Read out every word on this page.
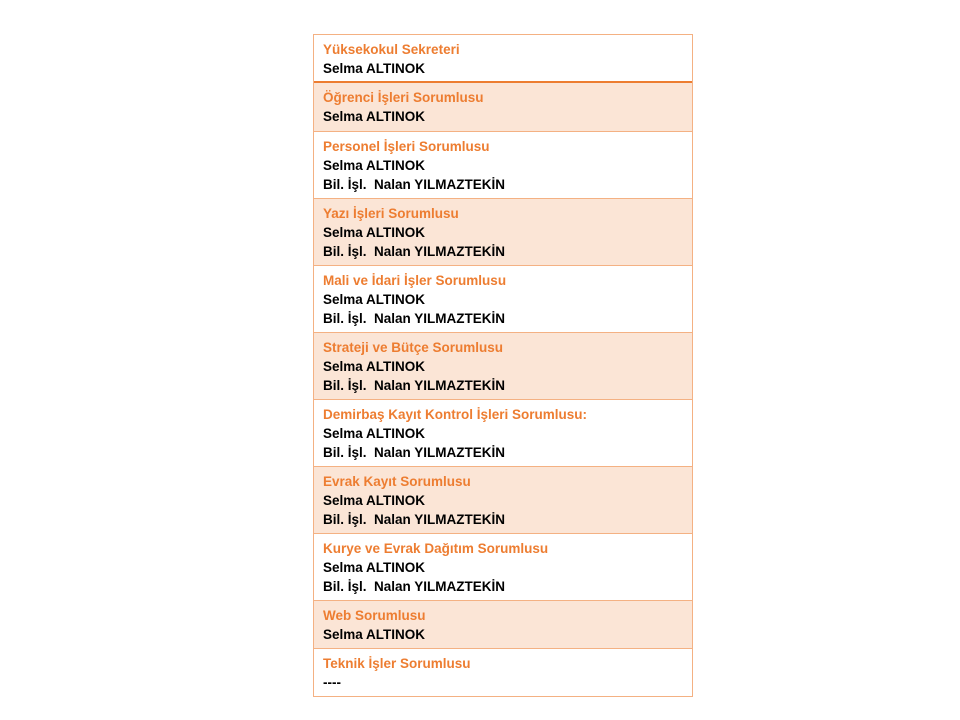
Yüksekokul Sekreteri
Selma ALTINOK
Öğrenci İşleri Sorumlusu
Selma ALTINOK
Personel İşleri Sorumlusu
Selma ALTINOK
Bil. İşl.  Nalan YILMAZTEKİN
Yazı İşleri Sorumlusu
Selma ALTINOK
Bil. İşl.  Nalan YILMAZTEKİN
Mali ve İdari İşler Sorumlusu
Selma ALTINOK
Bil. İşl.  Nalan YILMAZTEKİN
Strateji ve Bütçe Sorumlusu
Selma ALTINOK
Bil. İşl.  Nalan YILMAZTEKİN
Demirbaş Kayıt Kontrol İşleri Sorumlusu:
Selma ALTINOK
Bil. İşl.  Nalan YILMAZTEKİN
Evrak Kayıt Sorumlusu
Selma ALTINOK
Bil. İşl.  Nalan YILMAZTEKİN
Kurye ve Evrak Dağıtım Sorumlusu
Selma ALTINOK
Bil. İşl.  Nalan YILMAZTEKİN
Web Sorumlusu
Selma ALTINOK
Teknik İşler Sorumlusu
----
